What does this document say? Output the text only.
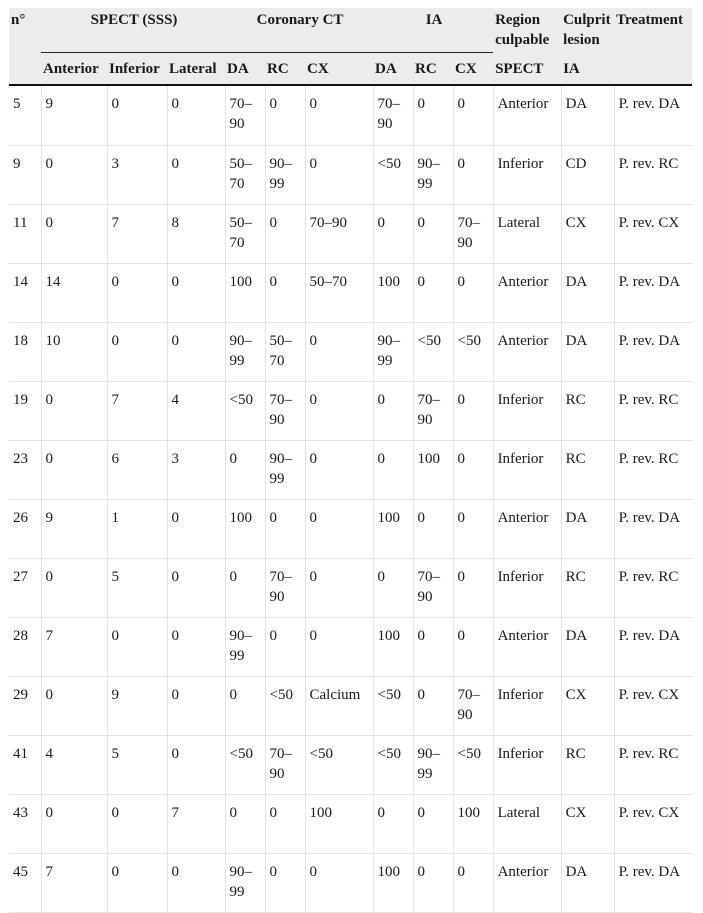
n°	SPECT (SSS)			Coronary CT			IA			Region culpable	Culprit lesion	Treatment
	Anterior	Inferior	Lateral	DA	RC	CX	DA	RC	CX	SPECT	IA	
5	9	0	0	70–90	0	0	70–90	0	0	Anterior	DA	P. rev. DA
9	0	3	0	50–70	90–99	0	<50	90–99	0	Inferior	CD	P. rev. RC
11	0	7	8	50–70	0	70–90	0	0	70–90	Lateral	CX	P. rev. CX
14	14	0	0	100	0	50–70	100	0	0	Anterior	DA	P. rev. DA
18	10	0	0	90–99	50–70	0	90–99	<50	<50	Anterior	DA	P. rev. DA
19	0	7	4	<50	70–90	0	0	70–90	0	Inferior	RC	P. rev. RC
23	0	6	3	0	90–99	0	0	100	0	Inferior	RC	P. rev. RC
26	9	1	0	100	0	0	100	0	0	Anterior	DA	P. rev. DA
27	0	5	0	0	70–90	0	0	70–90	0	Inferior	RC	P. rev. RC
28	7	0	0	90–99	0	0	100	0	0	Anterior	DA	P. rev. DA
29	0	9	0	0	<50	Calcium	<50	0	70–90	Inferior	CX	P. rev. CX
41	4	5	0	<50	70–90	<50	<50	90–99	<50	Inferior	RC	P. rev. RC
43	0	0	7	0	0	100	0	0	100	Lateral	CX	P. rev. CX
45	7	0	0	90–99	0	0	100	0	0	Anterior	DA	P. rev. DA
